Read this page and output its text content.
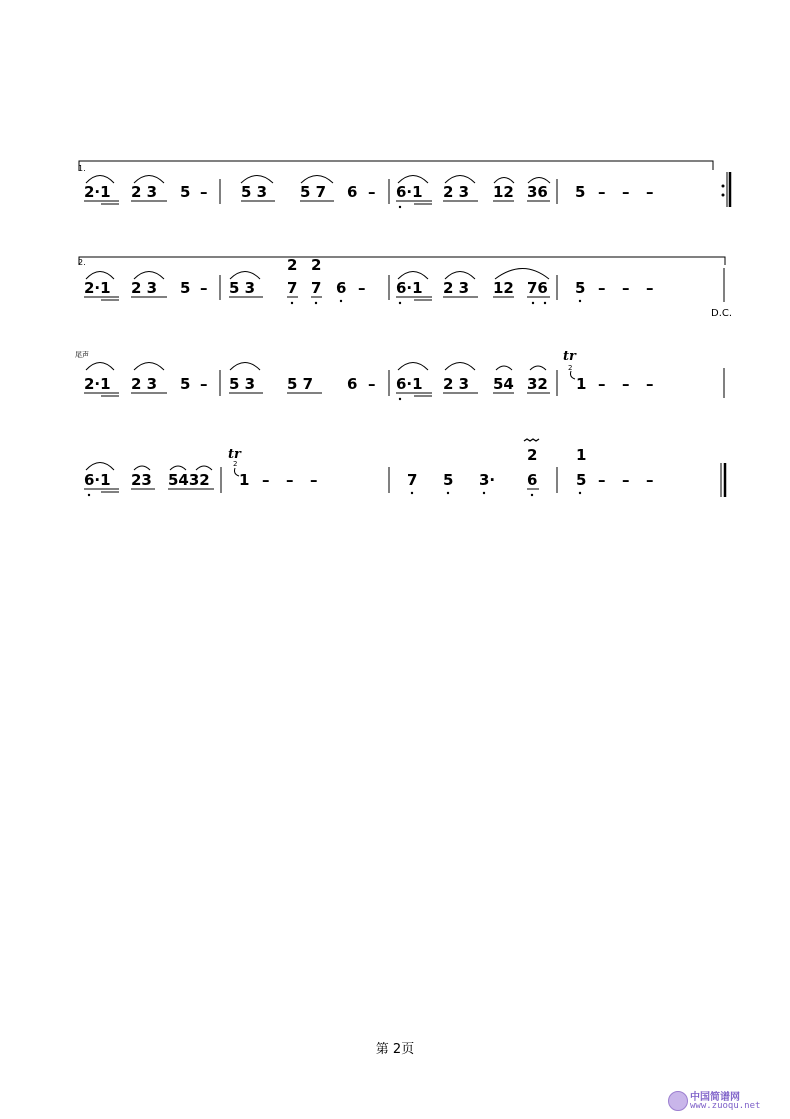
1.
2·1 2 3 5 – 5 3 5 7 6 – 6·1 2 3 12 36 5 – – –
2.	2 2
2·1 2 3 5 – 5 3 7 7 6 – 6·1 2 3 12 76 5 – – –
D.C.
尾声	tr
2
2·1 2 3 5 – 5 3 5 7 6 – 6·1 2 3 54 32 1 – – –
tr
2	2	1
6·1 23 5432 1 – – –	7 5 3· 6	5 – – –
第 2页
中国简谱网
www.zuoqu.net
